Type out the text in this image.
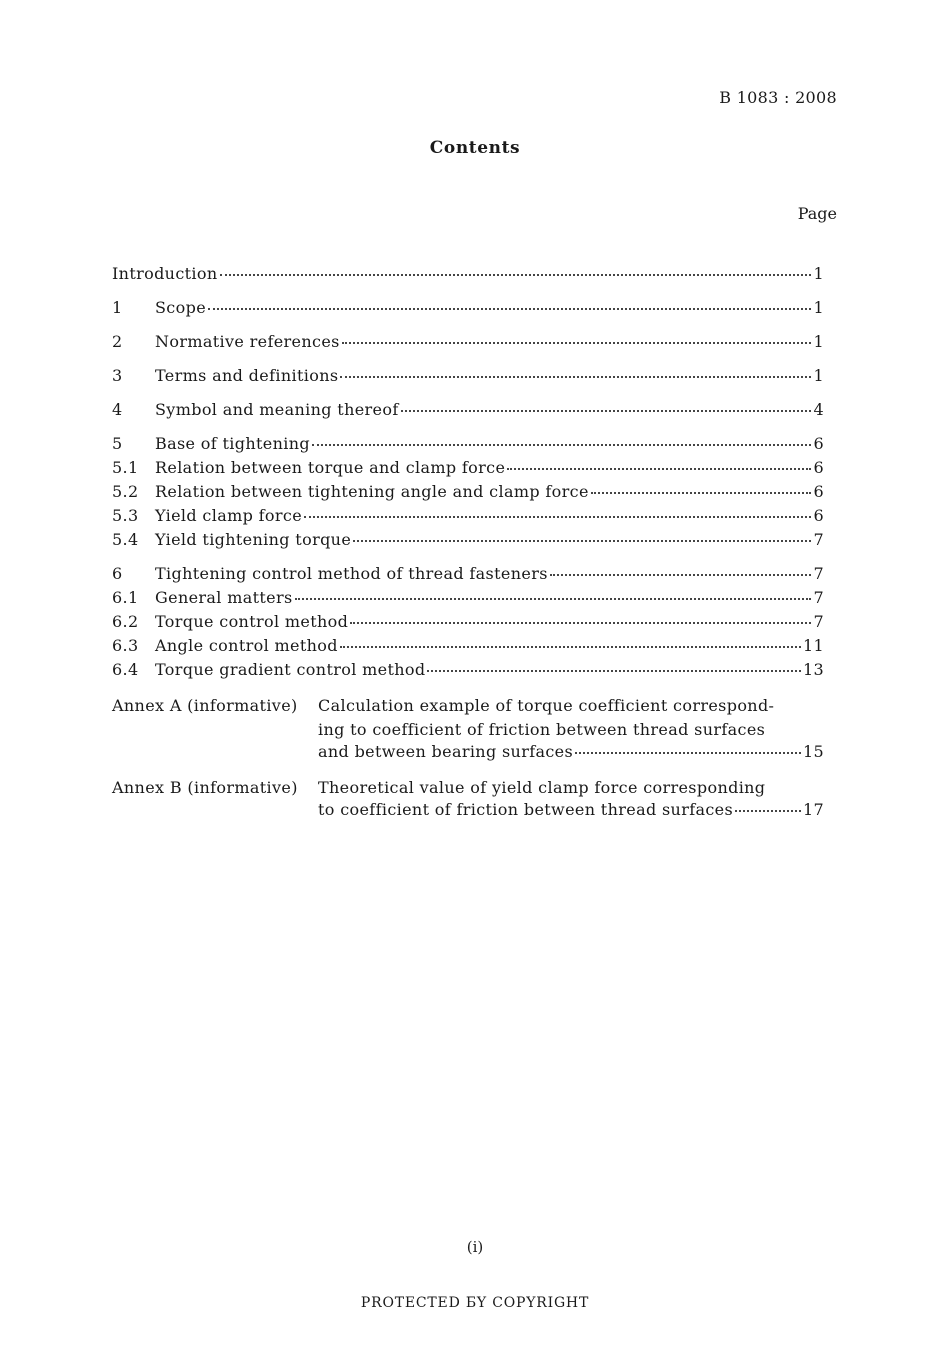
B 1083 : 2008
Contents
Page
Introduction	1
1	Scope	1
2	Normative references	1
3	Terms and definitions	1
4	Symbol and meaning thereof	4
5	Base of tightening	6
5.1	Relation between torque and clamp force	6
5.2	Relation between tightening angle and clamp force	6
5.3	Yield clamp force	6
5.4	Yield tightening torque	7
6	Tightening control method of thread fasteners	7
6.1	General matters	7
6.2	Torque control method	7
6.3	Angle control method	11
6.4	Torque gradient control method	13
Annex A (informative)	Calculation example of torque coefficient correspond-
ing to coefficient of friction between thread surfaces
and between bearing surfaces	15
Annex B (informative)	Theoretical value of yield clamp force corresponding
to coefficient of friction between thread surfaces	17
(i)
PROTECTED БY COPYRIGHT
